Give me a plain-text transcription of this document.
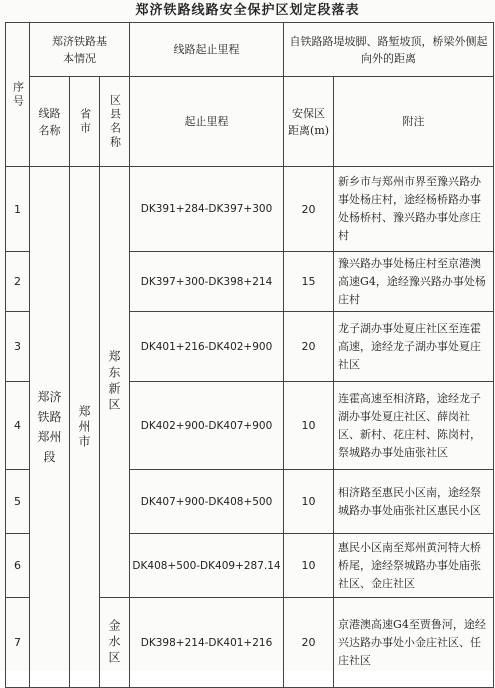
郑济铁路线路安全保护区划定段落表
序号	郑济铁路基本情况			线路起止里程	自铁路路堤坡脚、路堑坡顶，桥梁外侧起向外的距离	
	线路名称	省市	区县名称	起止里程	安保区距离(m)	附注
1	郑济铁路郑州段	郑州市	郑东新区	DK391+284-DK397+300	20	新乡市与郑州市界至豫兴路办事处杨庄村，途经杨桥路办事处杨桥村、豫兴路办事处彦庄村
2				DK397+300-DK398+214	15	豫兴路办事处杨庄村至京港澳高速G4，途经豫兴路办事处杨庄村
3				DK401+216-DK402+900	20	龙子湖办事处夏庄社区至连霍高速，途经龙子湖办事处夏庄社区
4				DK402+900-DK407+900	10	连霍高速至相济路，途经龙子湖办事处夏庄社区、薛岗社区、新村、花庄村、陈岗村，祭城路办事处庙张社区
5				DK407+900-DK408+500	10	相济路至惠民小区南，途经祭城路办事处庙张社区惠民小区
6				DK408+500-DK409+287.14	10	惠民小区南至郑州黄河特大桥桥尾，途经祭城路办事处庙张社区、金庄社区
7			金水区	DK398+214-DK401+216	20	京港澳高速G4至贾鲁河，途经兴达路办事处小金庄社区、任庄社区
